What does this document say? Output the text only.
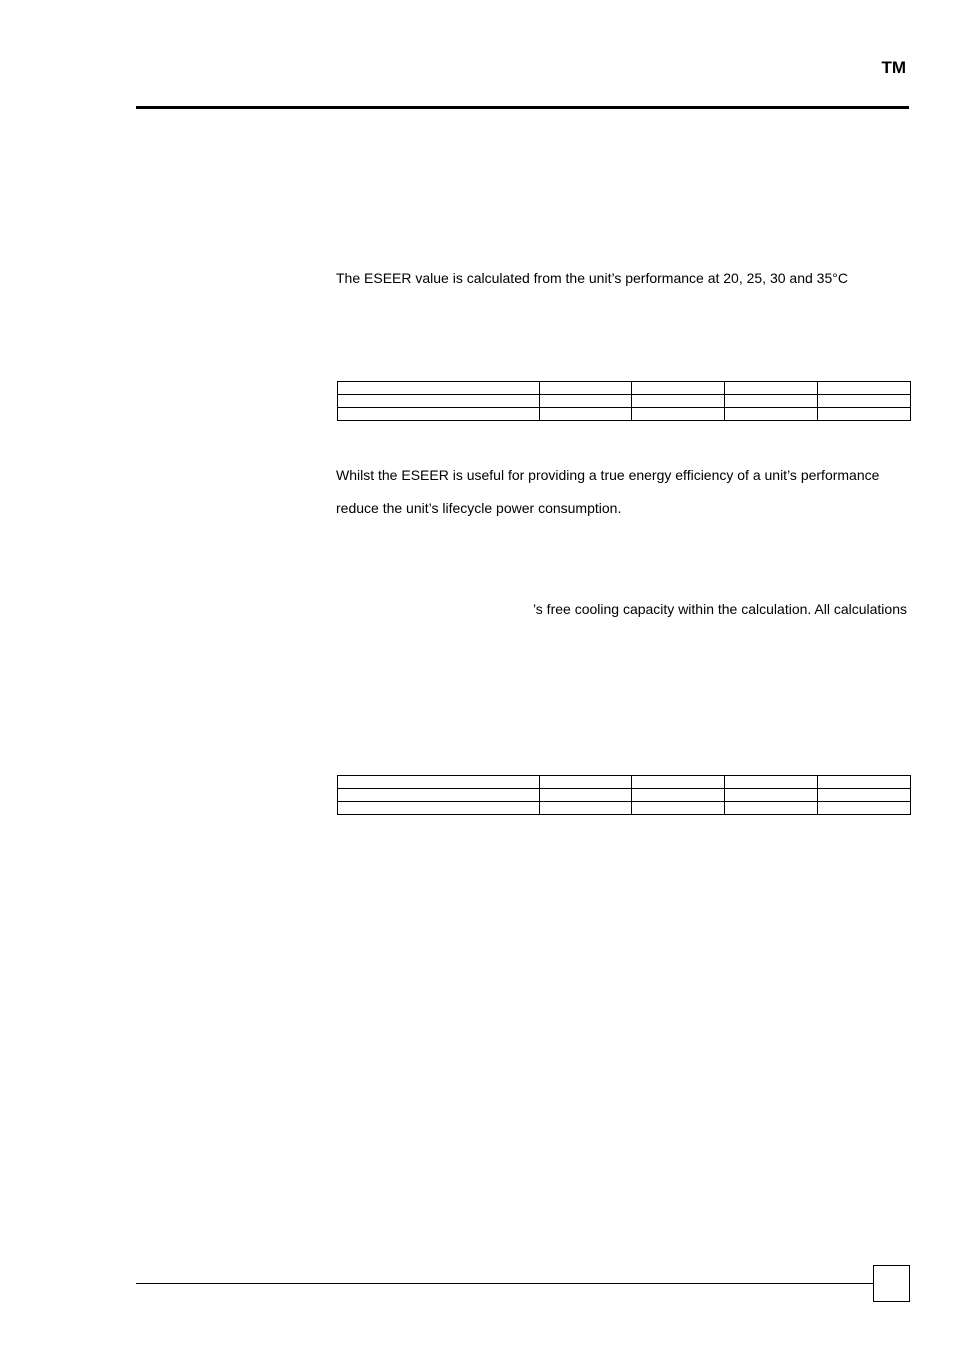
TM
The ESEER value is calculated from the unit’s performance at 20, 25, 30 and 35°C

Whilst the ESEER is useful for providing a true energy efficiency of a unit’s performance
reduce the unit’s lifecycle power consumption.
’s free cooling capacity within the calculation. All calculations
